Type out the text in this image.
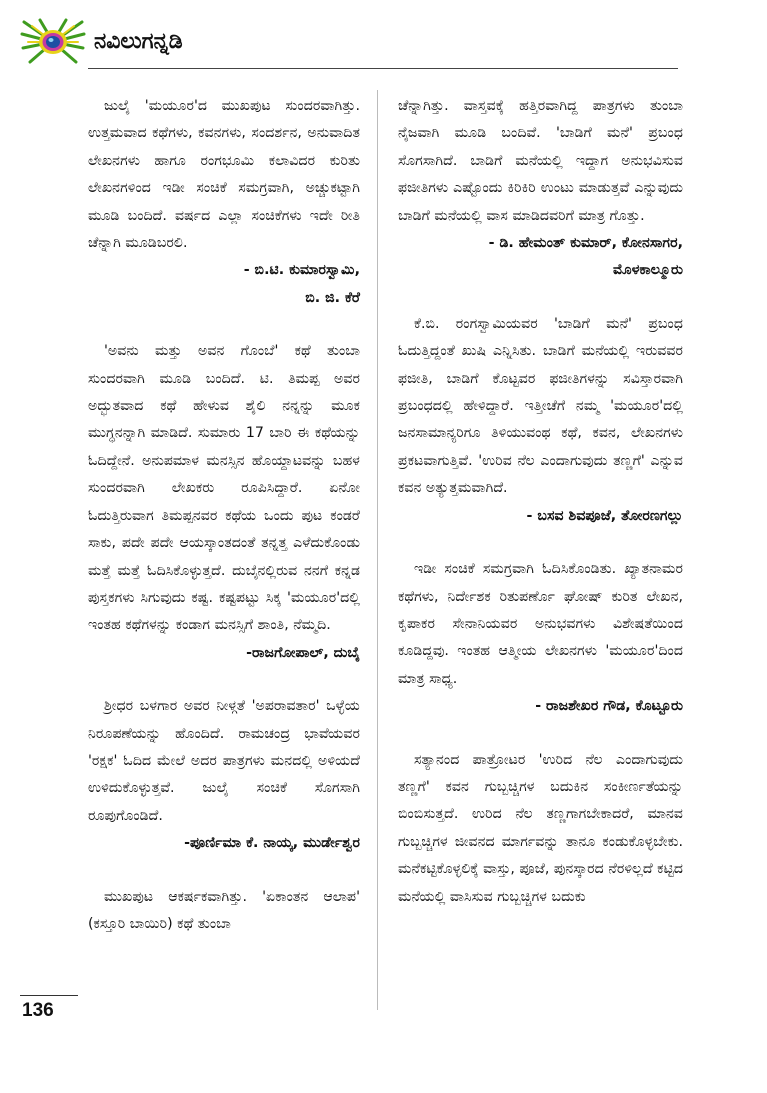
ನವಿಲುಗನ್ನಡಿ

ಜುಲೈ 'ಮಯೂರ'ದ ಮುಖಪುಟ ಸುಂದರವಾಗಿತ್ತು. ಉತ್ತಮವಾದ ಕಥೆಗಳು, ಕವನಗಳು, ಸಂದರ್ಶನ, ಅನುವಾದಿತ ಲೇಖನಗಳು ಹಾಗೂ ರಂಗಭೂಮಿ ಕಲಾವಿದರ ಕುರಿತು ಲೇಖನಗಳಿಂದ ಇಡೀ ಸಂಚಿಕೆ ಸಮಗ್ರವಾಗಿ, ಅಚ್ಚುಕಟ್ಟಾಗಿ ಮೂಡಿ ಬಂದಿದೆ. ವರ್ಷದ ಎಲ್ಲಾ ಸಂಚಿಕೆಗಳು ಇದೇ ರೀತಿ ಚೆನ್ನಾಗಿ ಮೂಡಿಬರಲಿ.

- ಬಿ.ಟಿ. ಕುಮಾರಸ್ವಾಮಿ,
ಬಿ. ಜಿ. ಕೆರೆ

'ಅವನು ಮತ್ತು ಅವನ ಗೊಂಬೆ' ಕಥೆ ತುಂಬಾ ಸುಂದರವಾಗಿ ಮೂಡಿ ಬಂದಿದೆ. ಟಿ. ತಿಮಪ್ಪ ಅವರ ಅದ್ಭುತವಾದ ಕಥೆ ಹೇಳುವ ಶೈಲಿ ನನ್ನನ್ನು ಮೂಕ ಮುಗ್ಧನನ್ನಾಗಿ ಮಾಡಿದೆ. ಸುಮಾರು 17 ಬಾರಿ ಈ ಕಥೆಯನ್ನು ಓದಿದ್ದೇನೆ. ಅನುಪಮಾಳ ಮನಸ್ಸಿನ ಹೊಯ್ದಾಟವನ್ನು ಬಹಳ ಸುಂದರವಾಗಿ ಲೇಖಕರು ರೂಪಿಸಿದ್ದಾರೆ. ಏನೋ ಓದುತ್ತಿರುವಾಗ ತಿಮಪ್ಪನವರ ಕಥೆಯ ಒಂದು ಪುಟ ಕಂಡರೆ ಸಾಕು, ಪದೇ ಪದೇ ಆಯಸ್ಕಾಂತದಂತೆ ತನ್ನತ್ತ ಎಳೆದುಕೊಂಡು ಮತ್ತೆ ಮತ್ತೆ ಓದಿಸಿಕೊಳ್ಳುತ್ತದೆ. ದುಬೈನಲ್ಲಿರುವ ನನಗೆ ಕನ್ನಡ ಪುಸ್ತಕಗಳು ಸಿಗುವುದು ಕಷ್ಟ. ಕಷ್ಟಪಟ್ಟು ಸಿಕ್ಕ 'ಮಯೂರ'ದಲ್ಲಿ ಇಂತಹ ಕಥೆಗಳನ್ನು ಕಂಡಾಗ ಮನಸ್ಸಿಗೆ ಶಾಂತಿ, ನೆಮ್ಮದಿ.

-ರಾಜಗೋಪಾಲ್, ದುಬೈ

ಶ್ರೀಧರ ಬಳಗಾರ ಅವರ ನೀಳ್ಗತೆ 'ಅಪರಾವತಾರ' ಒಳ್ಳೆಯ ನಿರೂಪಣೆಯನ್ನು ಹೊಂದಿದೆ. ರಾಮಚಂದ್ರ ಭಾವೆಯವರ 'ರಕ್ಷಕ' ಓದಿದ ಮೇಲೆ ಅದರ ಪಾತ್ರಗಳು ಮನದಲ್ಲಿ ಅಳಿಯದೆ ಉಳಿದುಕೊಳ್ಳುತ್ತವೆ. ಜುಲೈ ಸಂಚಿಕೆ ಸೊಗಸಾಗಿ ರೂಪುಗೊಂಡಿದೆ.

-ಪೂರ್ಣಿಮಾ ಕೆ. ನಾಯ್ಕ, ಮುರ್ಡೇಶ್ವರ

ಮುಖಪುಟ ಆಕರ್ಷಕವಾಗಿತ್ತು. 'ಏಕಾಂತನ ಆಲಾಪ' (ಕಸ್ತೂರಿ ಬಾಯಿರಿ) ಕಥೆ ತುಂಬಾ

ಚೆನ್ನಾಗಿತ್ತು. ವಾಸ್ತವಕ್ಕೆ ಹತ್ತಿರವಾಗಿದ್ದ ಪಾತ್ರಗಳು ತುಂಬಾ ನೈಜವಾಗಿ ಮೂಡಿ ಬಂದಿವೆ. 'ಬಾಡಿಗೆ ಮನೆ' ಪ್ರಬಂಧ ಸೊಗಸಾಗಿದೆ. ಬಾಡಿಗೆ ಮನೆಯಲ್ಲಿ ಇದ್ದಾಗ ಅನುಭವಿಸುವ ಫಜೀತಿಗಳು ಎಷ್ಟೊಂದು ಕಿರಿಕಿರಿ ಉಂಟು ಮಾಡುತ್ತವೆ ಎನ್ನುವುದು ಬಾಡಿಗೆ ಮನೆಯಲ್ಲಿ ವಾಸ ಮಾಡಿದವರಿಗೆ ಮಾತ್ರ ಗೊತ್ತು.

- ಡಿ. ಹೇಮಂತ್ ಕುಮಾರ್, ಕೋನಸಾಗರ,
ಮೊಳಕಾಲ್ಮೂರು

ಕೆ.ಬಿ. ರಂಗಸ್ವಾಮಿಯವರ 'ಬಾಡಿಗೆ ಮನೆ' ಪ್ರಬಂಧ ಓದುತ್ತಿದ್ದಂತೆ ಖುಷಿ ಎನ್ನಿಸಿತು. ಬಾಡಿಗೆ ಮನೆಯಲ್ಲಿ ಇರುವವರ ಫಜೀತಿ, ಬಾಡಿಗೆ ಕೊಟ್ಟವರ ಫಜೀತಿಗಳನ್ನು ಸವಿಸ್ತಾರವಾಗಿ ಪ್ರಬಂಧದಲ್ಲಿ ಹೇಳಿದ್ದಾರೆ. ಇತ್ತೀಚೆಗೆ ನಮ್ಮ 'ಮಯೂರ'ದಲ್ಲಿ ಜನಸಾಮಾನ್ಯರಿಗೂ ತಿಳಿಯುವಂಥ ಕಥೆ, ಕವನ, ಲೇಖನಗಳು ಪ್ರಕಟವಾಗುತ್ತಿವೆ. 'ಉರಿವ ನೆಲ ಎಂದಾಗುವುದು ತಣ್ಣಗೆ' ಎನ್ನುವ ಕವನ ಅತ್ಯುತ್ತಮವಾಗಿದೆ.

- ಬಸವ ಶಿವಪೂಜೆ, ತೋರಣಗಲ್ಲು

ಇಡೀ ಸಂಚಿಕೆ ಸಮಗ್ರವಾಗಿ ಓದಿಸಿಕೊಂಡಿತು. ಖ್ಯಾತನಾಮರ ಕಥೆಗಳು, ನಿರ್ದೇಶಕ ರಿತುಪರ್ಣೊ ಘೋಷ್ ಕುರಿತ ಲೇಖನ, ಕೃಪಾಕರ ಸೇನಾನಿಯವರ ಅನುಭವಗಳು ವಿಶೇಷತೆಯಿಂದ ಕೂಡಿದ್ದವು. ಇಂತಹ ಆತ್ಮೀಯ ಲೇಖನಗಳು 'ಮಯೂರ'ದಿಂದ ಮಾತ್ರ ಸಾಧ್ಯ.

- ರಾಜಶೇಖರ ಗೌಡ, ಕೊಟ್ಟೂರು

ಸತ್ಯಾನಂದ ಪಾತ್ರೋಟರ 'ಉರಿದ ನೆಲ ಎಂದಾಗುವುದು ತಣ್ಣಗೆ' ಕವನ ಗುಬ್ಬಚ್ಚಿಗಳ ಬದುಕಿನ ಸಂಕೀರ್ಣತೆಯನ್ನು ಬಿಂಬಿಸುತ್ತದೆ. ಉರಿದ ನೆಲ ತಣ್ಣಗಾಗಬೇಕಾದರೆ, ಮಾನವ ಗುಬ್ಬಚ್ಚಿಗಳ ಜೀವನದ ಮಾರ್ಗವನ್ನು ತಾನೂ ಕಂಡುಕೊಳ್ಳಬೇಕು. ಮನೆಕಟ್ಟಿಕೊಳ್ಳಲಿಕ್ಕೆ ವಾಸ್ತು, ಪೂಜೆ, ಪುನಸ್ಕಾರದ ನೆರಳಿಲ್ಲದೆ ಕಟ್ಟಿದ ಮನೆಯಲ್ಲಿ ವಾಸಿಸುವ ಗುಬ್ಬಚ್ಚಿಗಳ ಬದುಕು

136
